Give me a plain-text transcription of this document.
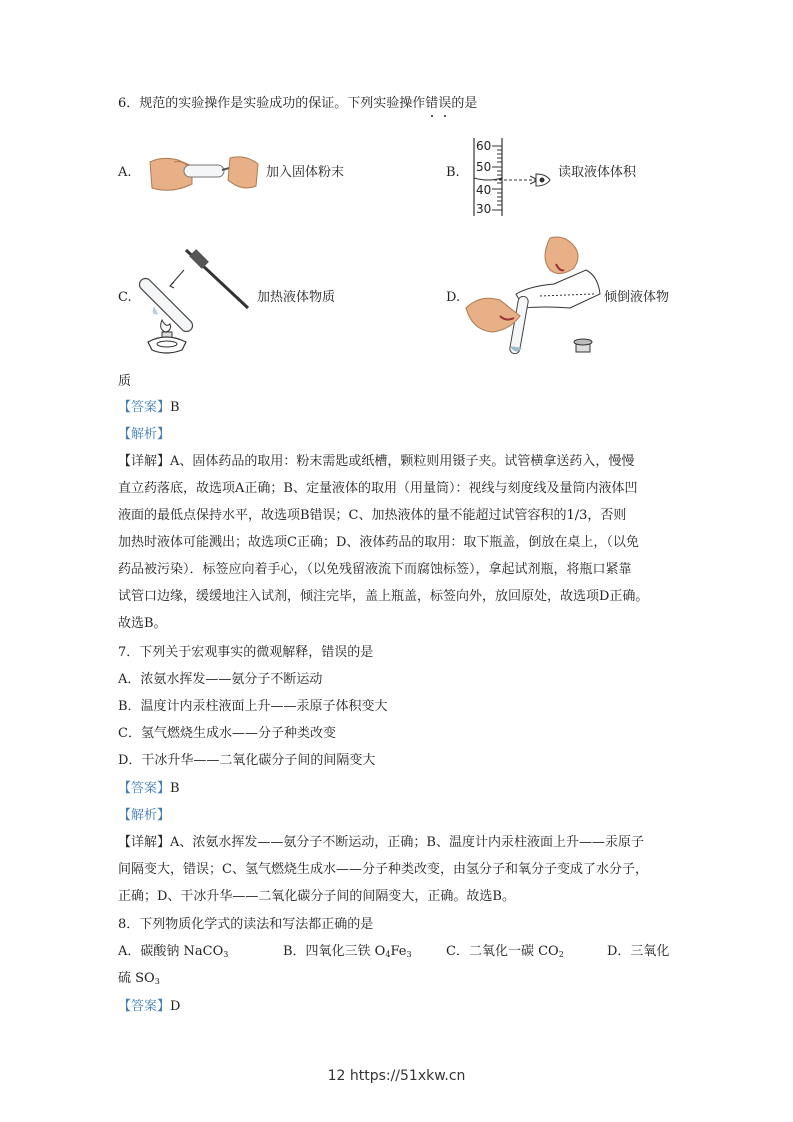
6．规范的实验操作是实验成功的保证。下列实验操作错误的是
A.	加入固体粉末	B.
60
50
40
30
读取液体体积
C.	加热液体物质	D.	倾倒液体物
质
【答案】B
【解析】
【详解】A、固体药品的取用：粉末需匙或纸槽，颗粒则用镊子夹。试管横拿送药入，慢慢
直立药落底，故选项A正确；B、定量液体的取用（用量筒）：视线与刻度线及量筒内液体凹
液面的最低点保持水平，故选项B错误；C、加热液体的量不能超过试管容积的1/3，否则
加热时液体可能溅出；故选项C正确；D、液体药品的取用：取下瓶盖，倒放在桌上，（以免
药品被污染）．标签应向着手心，（以免残留液流下而腐蚀标签），拿起试剂瓶，将瓶口紧靠
试管口边缘，缓缓地注入试剂，倾注完毕，盖上瓶盖，标签向外，放回原处，故选项D正确。
故选B。
7．下列关于宏观事实的微观解释，错误的是
A．浓氨水挥发——氨分子不断运动
B．温度计内汞柱液面上升——汞原子体积变大
C．氢气燃烧生成水——分子种类改变
D．干冰升华——二氧化碳分子间的间隔变大
【答案】B
【解析】
【详解】A、浓氨水挥发——氨分子不断运动，正确；B、温度计内汞柱液面上升——汞原子
间隔变大，错误；C、氢气燃烧生成水——分子种类改变，由氢分子和氧分子变成了水分子，
正确；D、干冰升华——二氧化碳分子间的间隔变大，正确。故选B。
8．下列物质化学式的读法和写法都正确的是
A．碳酸钠 NaCO$_3$	B．四氧化三铁 $O_4Fe_3$	C．二氧化一碳 $CO_2$	D．三氧化
硫 $SO_3$
【答案】D
12 https://51xkw.cn
